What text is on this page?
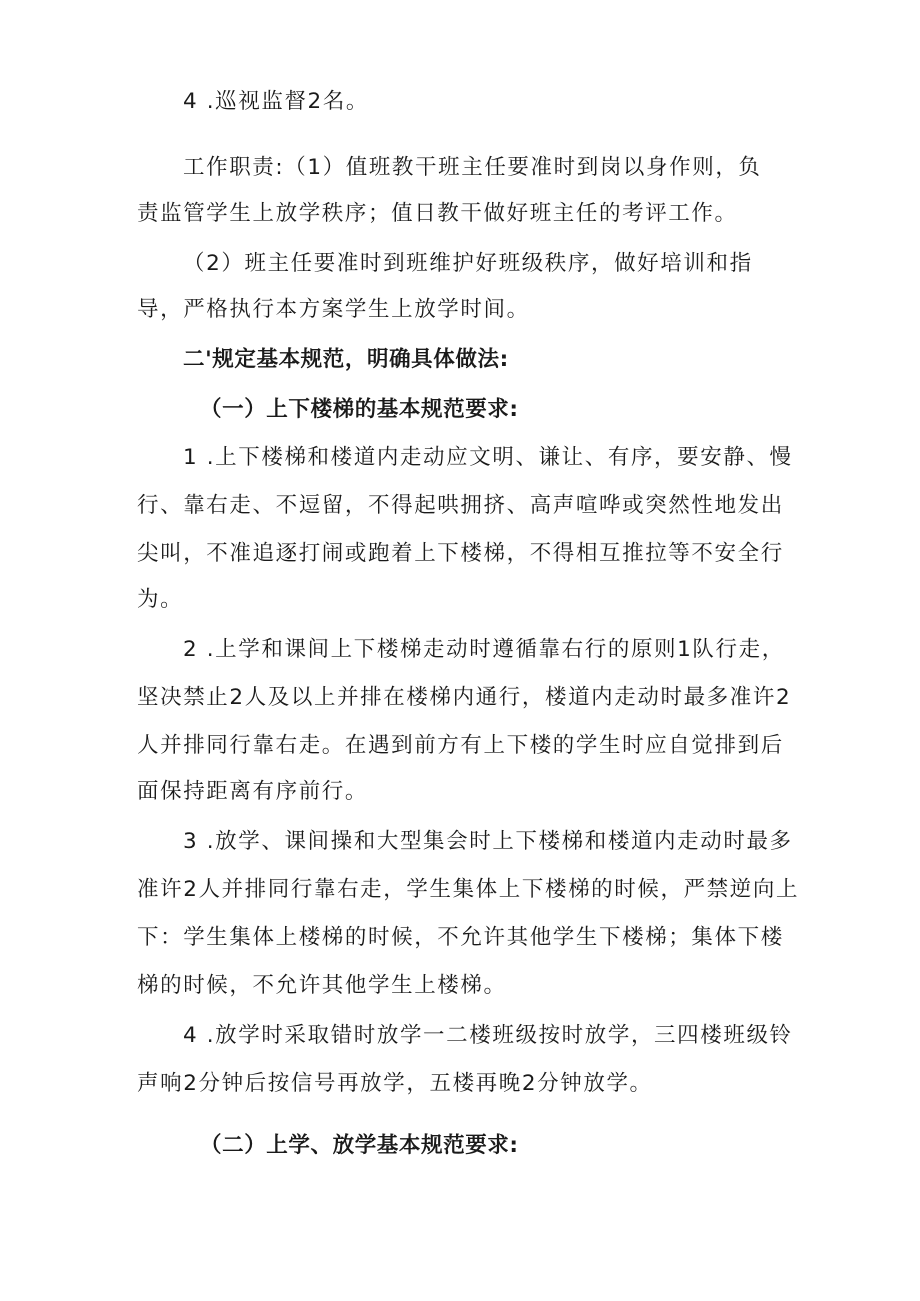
4 .巡视监督2名。
工作职责:（1）值班教干班主任要准时到岗以身作则，负
责监管学生上放学秩序；值日教干做好班主任的考评工作。
（2）班主任要准时到班维护好班级秩序，做好培训和指
导，严格执行本方案学生上放学时间。
二'规定基本规范，明确具体做法:
（一）上下楼梯的基本规范要求:
1 .上下楼梯和楼道内走动应文明、谦让、有序，要安静、慢
行、靠右走、不逗留，不得起哄拥挤、高声喧哗或突然性地发出
尖叫，不准追逐打闹或跑着上下楼梯，不得相互推拉等不安全行
为。
2 .上学和课间上下楼梯走动时遵循靠右行的原则1队行走，
坚决禁止2人及以上并排在楼梯内通行，楼道内走动时最多准许2
人并排同行靠右走。在遇到前方有上下楼的学生时应自觉排到后
面保持距离有序前行。
3 .放学、课间操和大型集会时上下楼梯和楼道内走动时最多
准许2人并排同行靠右走，学生集体上下楼梯的时候，严禁逆向上
下：学生集体上楼梯的时候，不允许其他学生下楼梯；集体下楼
梯的时候，不允许其他学生上楼梯。
4 .放学时采取错时放学一二楼班级按时放学，三四楼班级铃
声响2分钟后按信号再放学，五楼再晚2分钟放学。
（二）上学、放学基本规范要求:
